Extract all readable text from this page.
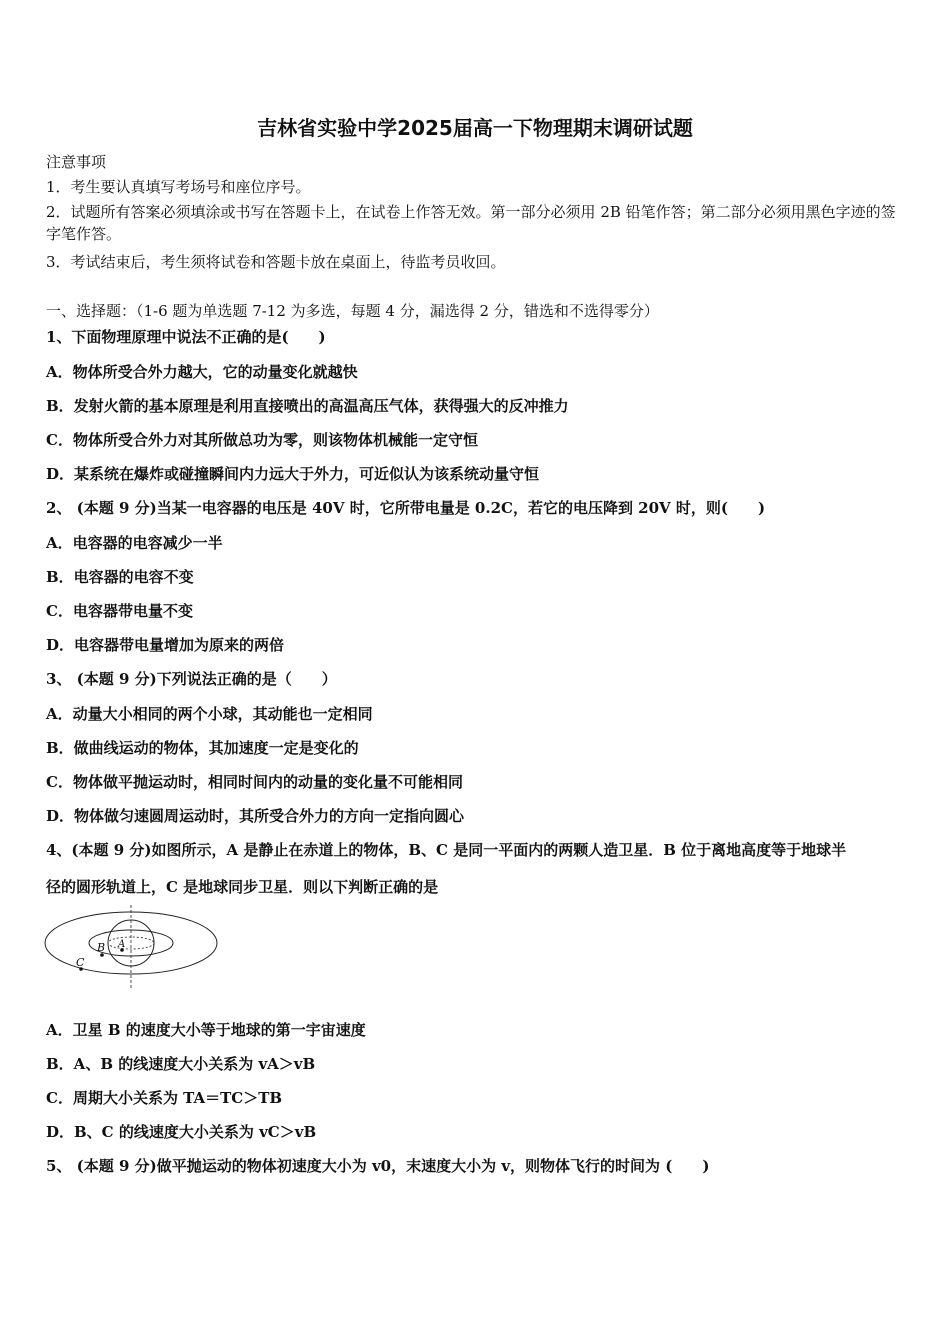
吉林省实验中学2025届高一下物理期末调研试题
注意事项
1．考生要认真填写考场号和座位序号。
2．试题所有答案必须填涂或书写在答题卡上，在试卷上作答无效。第一部分必须用 2B 铅笔作答；第二部分必须用黑色字迹的签字笔作答。
3．考试结束后，考生须将试卷和答题卡放在桌面上，待监考员收回。
一、选择题：（1-6 题为单选题 7-12 为多选，每题 4 分，漏选得 2 分，错选和不选得零分）
1、下面物理原理中说法不正确的是(　　)
A．物体所受合外力越大，它的动量变化就越快
B．发射火箭的基本原理是利用直接喷出的高温高压气体，获得强大的反冲推力
C．物体所受合外力对其所做总功为零，则该物体机械能一定守恒
D．某系统在爆炸或碰撞瞬间内力远大于外力，可近似认为该系统动量守恒
2、 (本题 9 分)当某一电容器的电压是 40V 时，它所带电量是 0.2C，若它的电压降到 20V 时，则(　　)
A．电容器的电容减少一半
B．电容器的电容不变
C．电容器带电量不变
D．电容器带电量增加为原来的两倍
3、 (本题 9 分)下列说法正确的是（　　）
A．动量大小相同的两个小球，其动能也一定相同
B．做曲线运动的物体，其加速度一定是变化的
C．物体做平抛运动时，相同时间内的动量的变化量不可能相同
D．物体做匀速圆周运动时，其所受合外力的方向一定指向圆心
4、(本题 9 分)如图所示，A 是静止在赤道上的物体，B、C 是同一平面内的两颗人造卫星．B 位于离地高度等于地球半
径的圆形轨道上，C 是地球同步卫星．则以下判断正确的是
B A
C
A．卫星 B 的速度大小等于地球的第一宇宙速度
B．A、B 的线速度大小关系为 vA＞vB
C．周期大小关系为 TA＝TC＞TB
D．B、C 的线速度大小关系为 vC＞vB
5、 (本题 9 分)做平抛运动的物体初速度大小为 v0，末速度大小为 v，则物体飞行的时间为 (　　)
